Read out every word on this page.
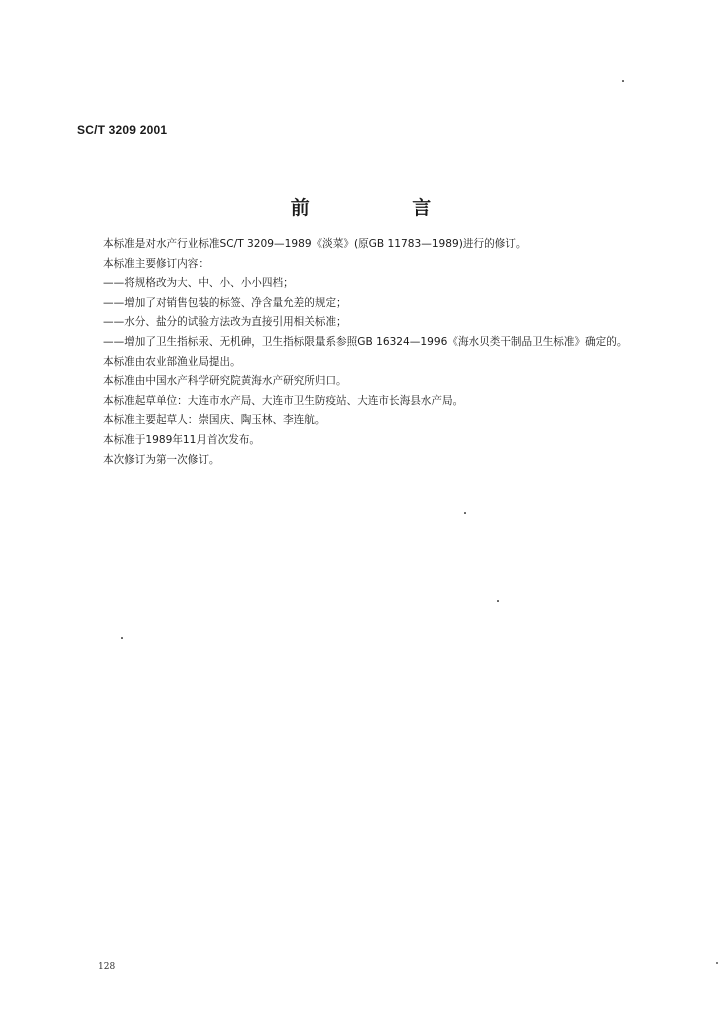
SC/T 3209 2001
前 言

本标准是对水产行业标准SC/T 3209—1989《淡菜》(原GB 11783—1989)进行的修订。

本标准主要修订内容：

——将规格改为大、中、小、小小四档；

——增加了对销售包装的标签、净含量允差的规定；

——水分、盐分的试验方法改为直接引用相关标准；

——增加了卫生指标汞、无机砷，卫生指标限量系参照GB 16324—1996《海水贝类干制品卫生标准》确定的。

本标准由农业部渔业局提出。

本标准由中国水产科学研究院黄海水产研究所归口。

本标准起草单位：大连市水产局、大连市卫生防疫站、大连市长海县水产局。

本标准主要起草人：崇国庆、陶玉林、李连航。

本标准于1989年11月首次发布。

本次修订为第一次修订。

128
